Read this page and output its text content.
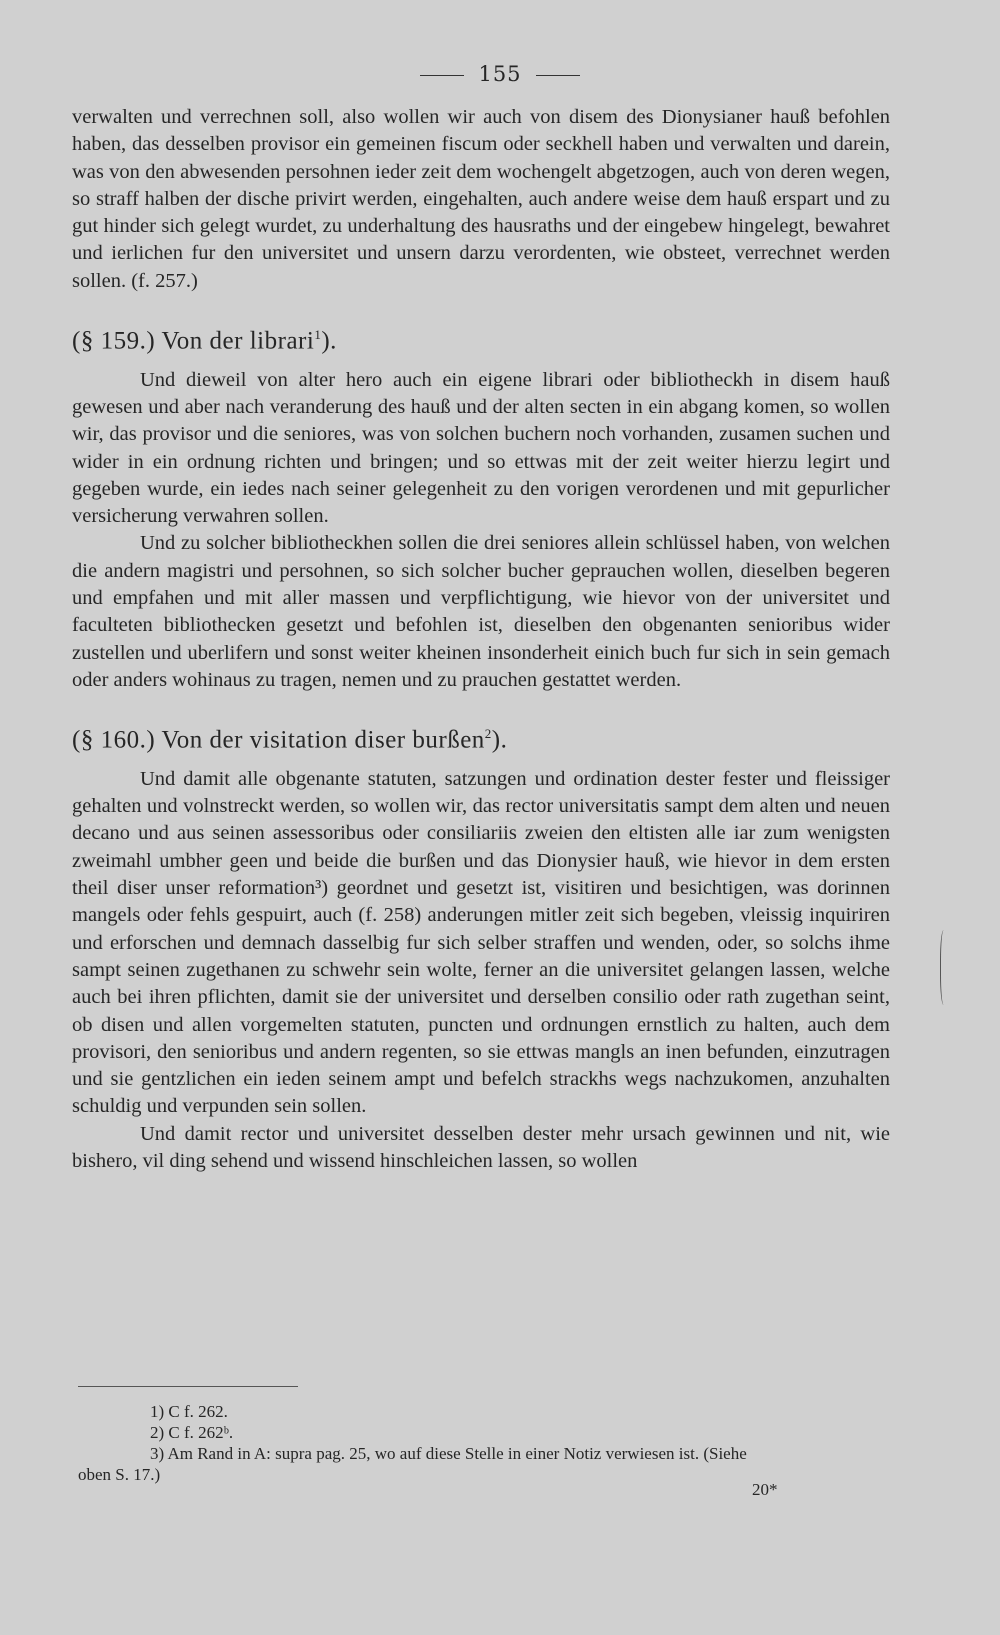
155

verwalten und verrechnen soll, also wollen wir auch von disem des Dionysianer hauß befohlen haben, das desselben provisor ein gemeinen fiscum oder seckhell haben und verwalten und darein, was von den abwesenden persohnen ieder zeit dem wochengelt abgetzogen, auch von deren wegen, so straff halben der dische privirt werden, eingehalten, auch andere weise dem hauß erspart und zu gut hinder sich gelegt wurdet, zu underhaltung des hausraths und der eingebew hingelegt, bewahret und ierlichen fur den universitet und unsern darzu verordenten, wie obsteet, verrechnet werden sollen. (f. 257.)

(§ 159.) Von der librari$^1$).

Und dieweil von alter hero auch ein eigene librari oder bibliotheckh in disem hauß gewesen und aber nach veranderung des hauß und der alten secten in ein abgang komen, so wollen wir, das provisor und die seniores, was von solchen buchern noch vorhanden, zusamen suchen und wider in ein ordnung richten und bringen; und so ettwas mit der zeit weiter hierzu legirt und gegeben wurde, ein iedes nach seiner gelegenheit zu den vorigen verordenen und mit gepurlicher versicherung verwahren sollen.

Und zu solcher bibliotheckhen sollen die drei seniores allein schlüssel haben, von welchen die andern magistri und persohnen, so sich solcher bucher geprauchen wollen, dieselben begeren und empfahen und mit aller massen und verpflichtigung, wie hievor von der universitet und faculteten bibliothecken gesetzt und befohlen ist, dieselben den obgenanten senioribus wider zustellen und uberlifern und sonst weiter kheinen insonderheit einich buch fur sich in sein gemach oder anders wohinaus zu tragen, nemen und zu prauchen gestattet werden.

(§ 160.) Von der visitation diser burßen$^2$).

Und damit alle obgenante statuten, satzungen und ordination dester fester und fleissiger gehalten und volnstreckt werden, so wollen wir, das rector universitatis sampt dem alten und neuen decano und aus seinen assessoribus oder consiliariis zweien den eltisten alle iar zum wenigsten zweimahl umbher geen und beide die burßen und das Dionysier hauß, wie hievor in dem ersten theil diser unser reformation³) geordnet und gesetzt ist, visitiren und besichtigen, was dorinnen mangels oder fehls gespuirt, auch (f. 258) anderungen mitler zeit sich begeben, vleissig inquiriren und erforschen und demnach dasselbig fur sich selber straffen und wenden, oder, so solchs ihme sampt seinen zugethanen zu schwehr sein wolte, ferner an die universitet gelangen lassen, welche auch bei ihren pflichten, damit sie der universitet und derselben consilio oder rath zugethan seint, ob disen und allen vorgemelten statuten, puncten und ordnungen ernstlich zu halten, auch dem provisori, den senioribus und andern regenten, so sie ettwas mangls an inen befunden, einzutragen und sie gentzlichen ein ieden seinem ampt und befelch strackhs wegs nachzukomen, anzuhalten schuldig und verpunden sein sollen.

Und damit rector und universitet desselben dester mehr ursach gewinnen und nit, wie bishero, vil ding sehend und wissend hinschleichen lassen, so wollen

1) C f. 262.
2) C f. 262ᵇ.
3) Am Rand in A: supra pag. 25, wo auf diese Stelle in einer Notiz verwiesen ist. (Siehe
oben S. 17.)
20*
